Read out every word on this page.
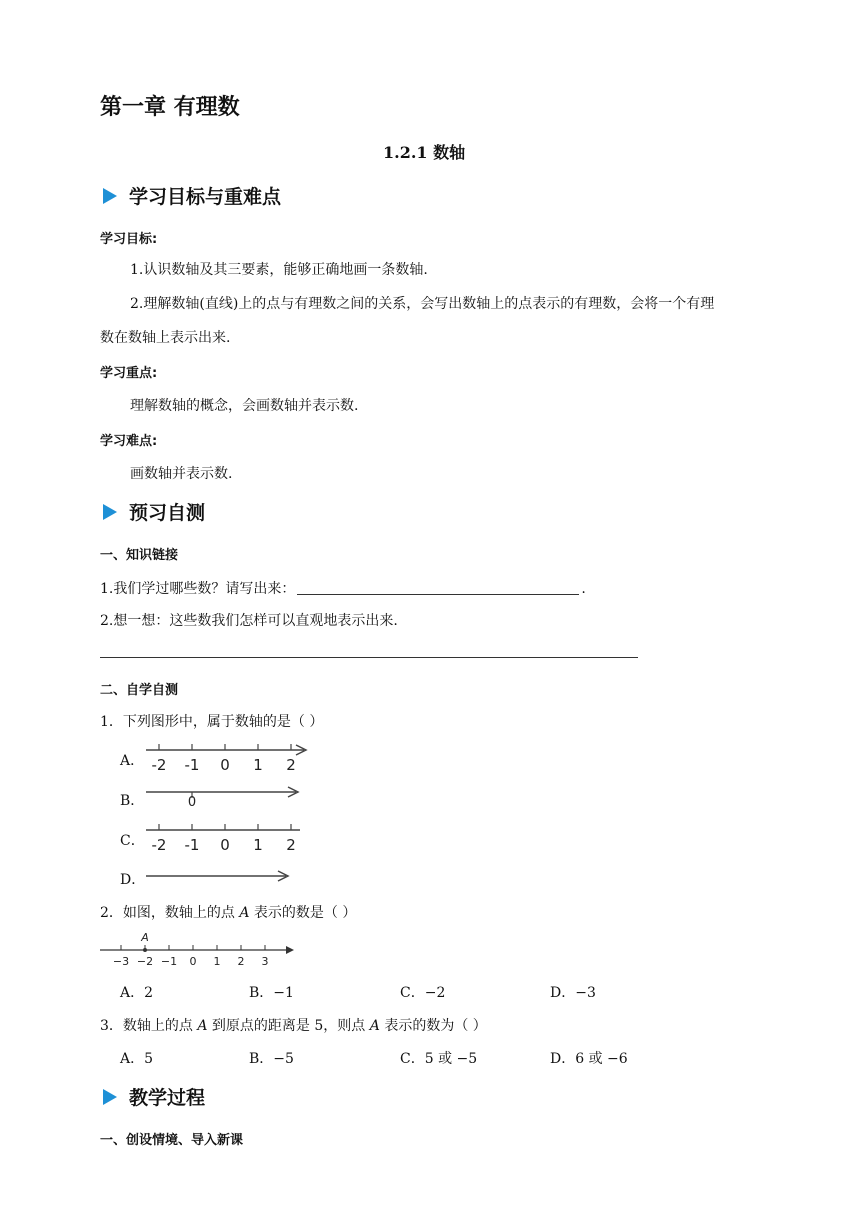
第一章 有理数
1.2.1 数轴
学习目标与重难点
学习目标:
1.认识数轴及其三要素，能够正确地画一条数轴.
2.理解数轴(直线)上的点与有理数之间的关系，会写出数轴上的点表示的有理数，会将一个有理
数在数轴上表示出来.
学习重点:
理解数轴的概念，会画数轴并表示数.
学习难点:
画数轴并表示数.
预习自测
一、知识链接
1.我们学过哪些数？请写出来：	.
2.想一想：这些数我们怎样可以直观地表示出来.
二、自学自测
1．下列图形中，属于数轴的是（ ）
A． -2 -1 0 1 2
B．	0
C． -2 -1 0 1 2
D．
2．如图，数轴上的点 A 表示的数是（ ）
A
−3 −2 −1 0 1 2 3
A．2	B．−1	C．−2	D．−3
3．数轴上的点 A 到原点的距离是 5，则点 A 表示的数为（ ）
A．5	B．−5	C．5 或 −5	D．6 或 −6
教学过程
一、创设情境、导入新课
